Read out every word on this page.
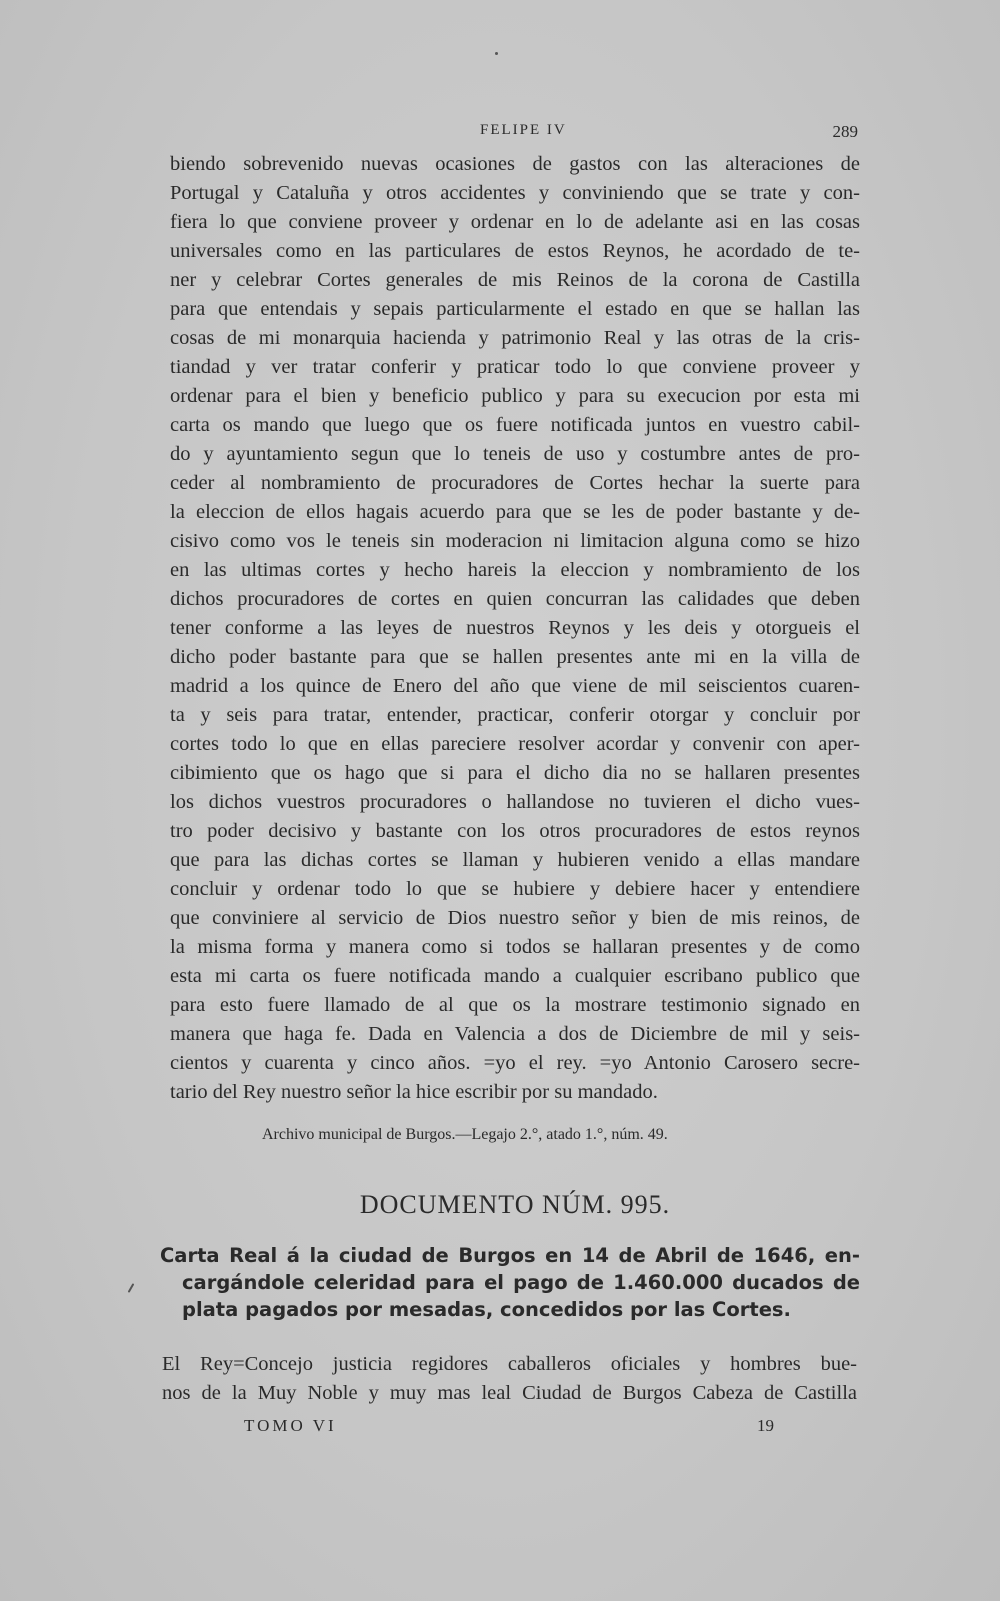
FELIPE IV	289
biendo sobrevenido nuevas ocasiones de gastos con las alteraciones de
Portugal y Cataluña y otros accidentes y conviniendo que se trate y con-
fiera lo que conviene proveer y ordenar en lo de adelante asi en las cosas
universales como en las particulares de estos Reynos, he acordado de te-
ner y celebrar Cortes generales de mis Reinos de la corona de Castilla
para que entendais y sepais particularmente el estado en que se hallan las
cosas de mi monarquia hacienda y patrimonio Real y las otras de la cris-
tiandad y ver tratar conferir y praticar todo lo que conviene proveer y
ordenar para el bien y beneficio publico y para su execucion por esta mi
carta os mando que luego que os fuere notificada juntos en vuestro cabil-
do y ayuntamiento segun que lo teneis de uso y costumbre antes de pro-
ceder al nombramiento de procuradores de Cortes hechar la suerte para
la eleccion de ellos hagais acuerdo para que se les de poder bastante y de-
cisivo como vos le teneis sin moderacion ni limitacion alguna como se hizo
en las ultimas cortes y hecho hareis la eleccion y nombramiento de los
dichos procuradores de cortes en quien concurran las calidades que deben
tener conforme a las leyes de nuestros Reynos y les deis y otorgueis el
dicho poder bastante para que se hallen presentes ante mi en la villa de
madrid a los quince de Enero del año que viene de mil seiscientos cuaren-
ta y seis para tratar, entender, practicar, conferir otorgar y concluir por
cortes todo lo que en ellas pareciere resolver acordar y convenir con aper-
cibimiento que os hago que si para el dicho dia no se hallaren presentes
los dichos vuestros procuradores o hallandose no tuvieren el dicho vues-
tro poder decisivo y bastante con los otros procuradores de estos reynos
que para las dichas cortes se llaman y hubieren venido a ellas mandare
concluir y ordenar todo lo que se hubiere y debiere hacer y entendiere
que conviniere al servicio de Dios nuestro señor y bien de mis reinos, de
la misma forma y manera como si todos se hallaran presentes y de como
esta mi carta os fuere notificada mando a cualquier escribano publico que
para esto fuere llamado de al que os la mostrare testimonio signado en
manera que haga fe. Dada en Valencia a dos de Diciembre de mil y seis-
cientos y cuarenta y cinco años. =yo el rey. =yo Antonio Carosero secre-
tario del Rey nuestro señor la hice escribir por su mandado.
Archivo municipal de Burgos.—Legajo 2.°, atado 1.°, núm. 49.
DOCUMENTO NÚM. 995.
Carta Real á la ciudad de Burgos en 14 de Abril de 1646, en-
cargándole celeridad para el pago de 1.460.000 ducados de
plata pagados por mesadas, concedidos por las Cortes.
El Rey=Concejo justicia regidores caballeros oficiales y hombres bue-
nos de la Muy Noble y muy mas leal Ciudad de Burgos Cabeza de Castilla
TOMO VI	19
